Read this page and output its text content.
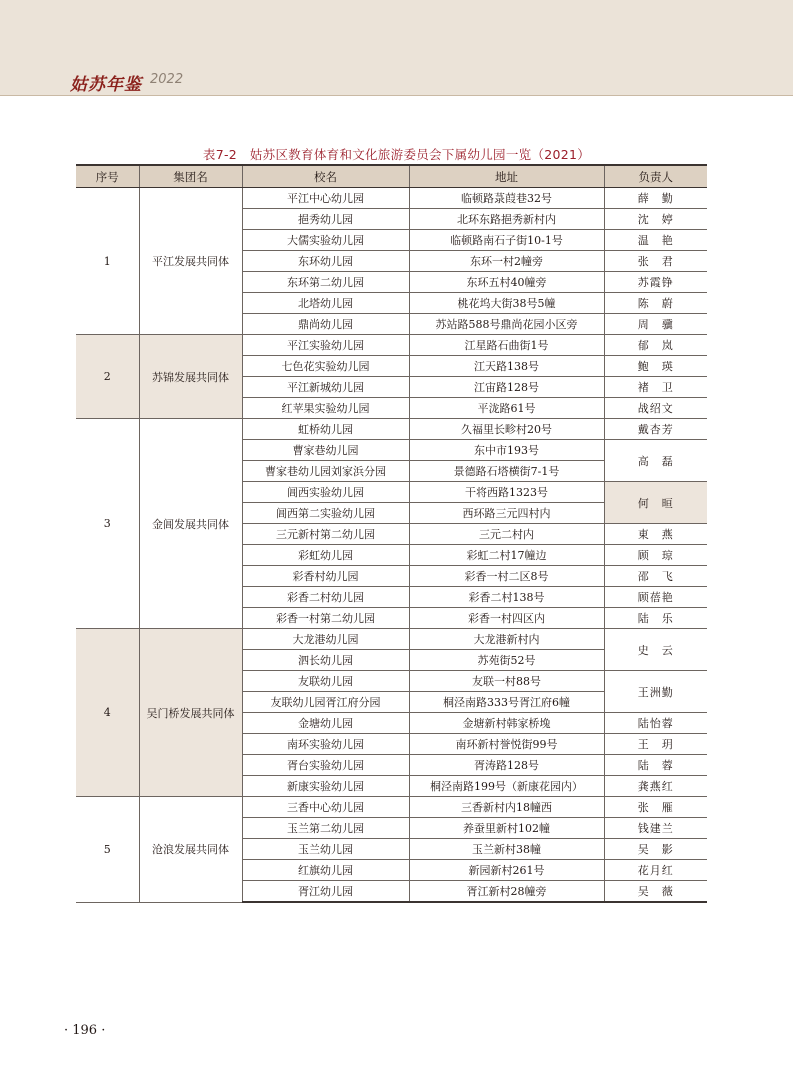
姑苏年鉴 2022
表7-2　姑苏区教育体育和文化旅游委员会下属幼儿园一览（2021）
序号	集团名	校名	地址	负责人
1	平江发展共同体	平江中心幼儿园	临顿路菉葭巷32号	薛　勤
		挹秀幼儿园	北环东路挹秀新村内	沈　婷
		大儒实验幼儿园	临顿路南石子街10-1号	温　艳
		东环幼儿园	东环一村2幢旁	张　君
		东环第二幼儿园	东环五村40幢旁	苏霞铮
		北塔幼儿园	桃花坞大街38号5幢	陈　蔚
		鼎尚幼儿园	苏站路588号鼎尚花园小区旁	周　骥
2	苏锦发展共同体	平江实验幼儿园	江星路石曲街1号	郁　岚
		七色花实验幼儿园	江天路138号	鲍　瑛
		平江新城幼儿园	江宙路128号	褚　卫
		红苹果实验幼儿园	平泷路61号	战绍文
3	金阊发展共同体	虹桥幼儿园	久福里长畛村20号	戴杏芳
		曹家巷幼儿园	东中市193号	高　磊
		曹家巷幼儿园刘家浜分园	景德路石塔横街7-1号	
		阊西实验幼儿园	干将西路1323号	何　晅
		阊西第二实验幼儿园	西环路三元四村内	
		三元新村第二幼儿园	三元二村内	東　燕
		彩虹幼儿园	彩虹二村17幢边	顾　琼
		彩香村幼儿园	彩香一村二区8号	邵　飞
		彩香二村幼儿园	彩香二村138号	顾蓓艳
		彩香一村第二幼儿园	彩香一村四区内	陆　乐
4	吴门桥发展共同体	大龙港幼儿园	大龙港新村内	史　云
		泗长幼儿园	苏苑街52号	
		友联幼儿园	友联一村88号	王洲勤
		友联幼儿园胥江府分园	桐泾南路333号胥江府6幢	
		金塘幼儿园	金塘新村韩家桥堍	陆怡蓉
		南环实验幼儿园	南环新村誉悦街99号	王　玥
		胥台实验幼儿园	胥涛路128号	陆　蓉
		新康实验幼儿园	桐泾南路199号（新康花园内）	龚燕红
5	沧浪发展共同体	三香中心幼儿园	三香新村内18幢西	张　雁
		玉兰第二幼儿园	养蚕里新村102幢	钱建兰
		玉兰幼儿园	玉兰新村38幢	吴　影
		红旗幼儿园	新园新村261号	花月红
		胥江幼儿园	胥江新村28幢旁	吴　薇
· 196 ·
